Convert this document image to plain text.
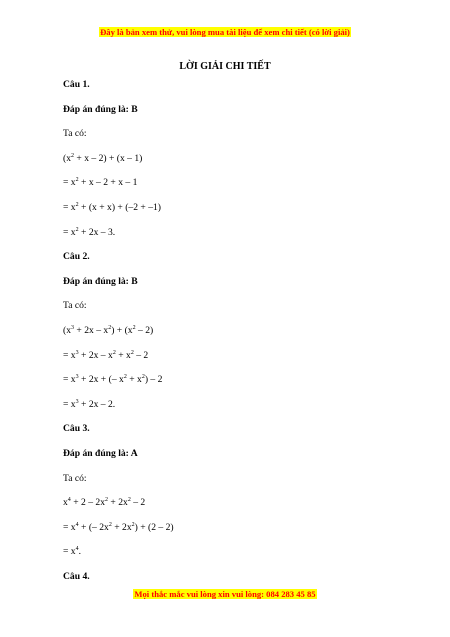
Đây là bản xem thử, vui lòng mua tài liệu để xem chi tiết (có lời giải)
LỜI GIẢI CHI TIẾT
Câu 1.
Đáp án đúng là: B
Ta có:
$(x^2 + x - 2) + (x - 1)$
= $x^2 + x - 2 + x - 1$
= $x^2 + (x + x) + (-2 + -1)$
= $x^2 + 2x - 3$.
Câu 2.
Đáp án đúng là: B
Ta có:
$(x^3 + 2x - x^2) + (x^2 - 2)$
= $x^3 + 2x - x^2 + x^2 - 2$
= $x^3 + 2x$ + (– $x^2 + x^2) - 2$
= $x^3 + 2x - 2$.
Câu 3.
Đáp án đúng là: A
Ta có:
$x^4 + 2 - 2x^2 + 2x^2 - 2$
= $x^4$ + (– $2x^2 + 2x^2) + (2 - 2)$
= $x^4$.
Câu 4.
Mọi thắc mắc vui lòng xin vui lòng: 084 283 45 85
